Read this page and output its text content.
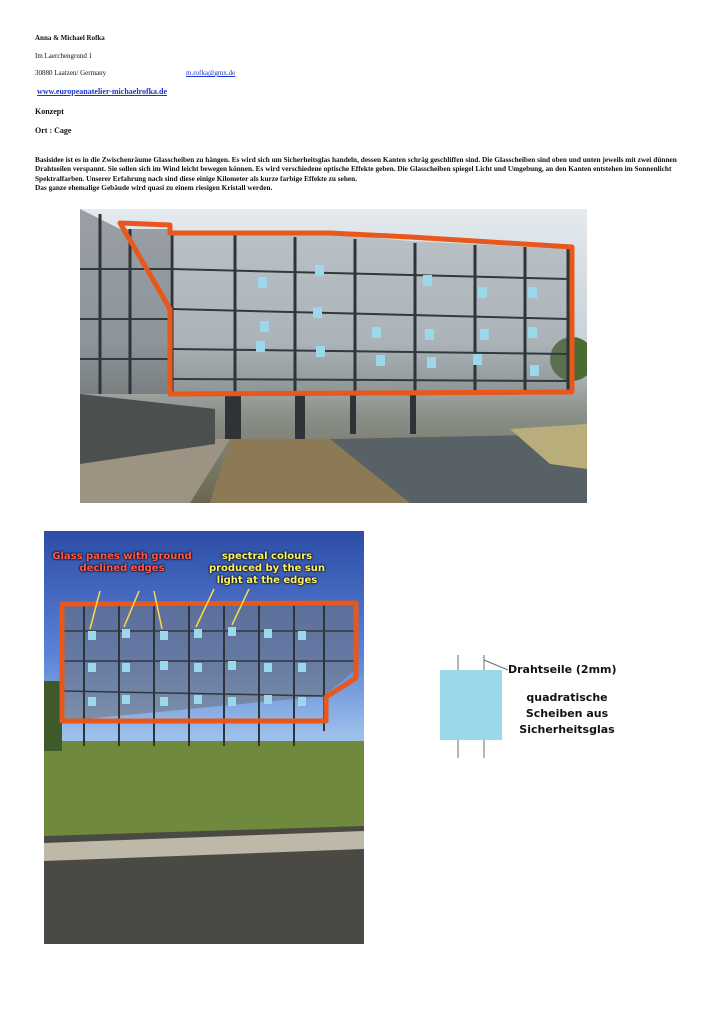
Anna & Michael Rofka
Im Laerchengrund 1
30880 Laatzen/ Germany	m.rofka@gmx.de
www.europeanatelier-michaelrofka.de
Konzept
Ort : Cage
Basisidee ist es in die Zwischenräume Glasscheiben zu hängen. Es wird sich um Sicherheitsglas handeln, dessen Kanten schräg geschliffen sind. Die Glasscheiben sind oben und unten jeweils mit zwei dünnen Drahtseilen verspannt. Sie sollen sich im Wind leicht bewegen können. Es wird verschiedene optische Effekte geben. Die Glasscheiben spiegel Licht und Umgebung, an den Kanten entstehen im Sonnenlicht Spektralfarben. Unserer Erfahrung nach sind diese einige Kilometer als kurze farbige Effekte zu sehen.
Das ganze ehemalige Gebäude wird quasi zu einem riesigen Kristall werden.
Glass panes with ground declined edges
spectral colours produced by the sun light at the edges
Drahtseile (2mm)
quadratische
Scheiben aus
Sicherheitsglas
